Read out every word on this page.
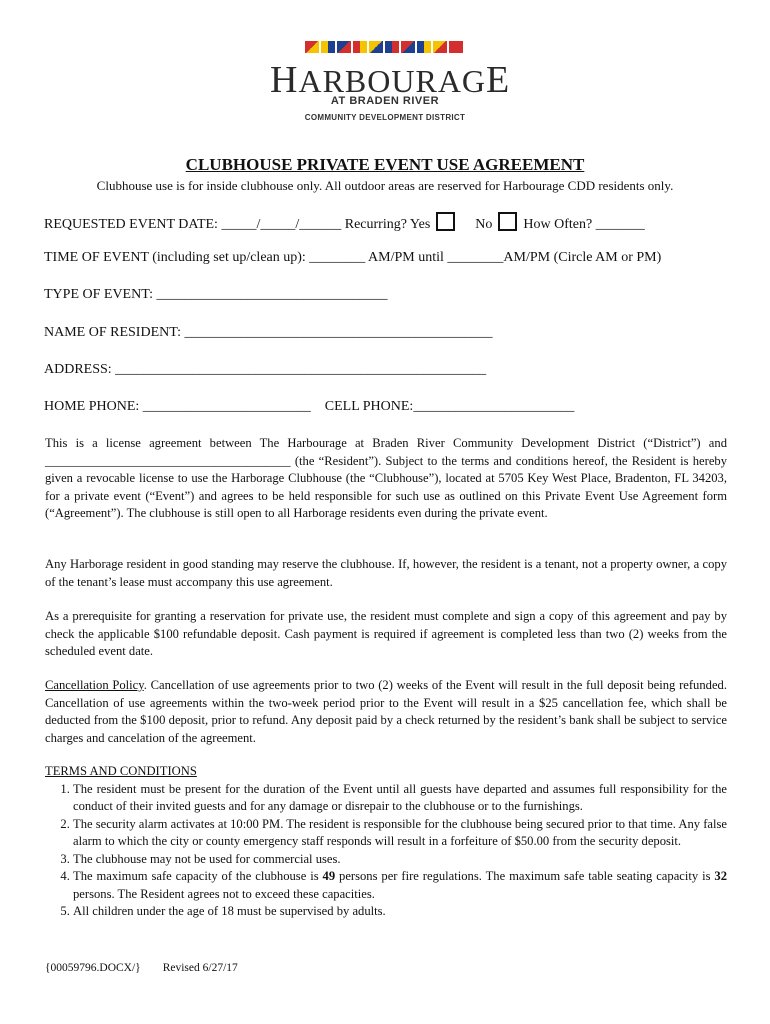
HARBOURAGE
AT BRADEN RIVER
COMMUNITY DEVELOPMENT DISTRICT
CLUBHOUSE PRIVATE EVENT USE AGREEMENT
Clubhouse use is for inside clubhouse only. All outdoor areas are reserved for Harbourage CDD residents only.
REQUESTED EVENT DATE: _____/_____/______ Recurring? Yes	No How Often? _______
TIME OF EVENT (including set up/clean up): ________ AM/PM until ________AM/PM (Circle AM or PM)
TYPE OF EVENT: _________________________________
NAME OF RESIDENT: ____________________________________________
ADDRESS: _____________________________________________________
HOME PHONE: ________________________ CELL PHONE:_______________________
This is a license agreement between The Harbourage at Braden River Community Development District (“District”) and _______________________________________ (the “Resident”). Subject to the terms and conditions hereof, the Resident is hereby given a revocable license to use the Harborage Clubhouse (the “Clubhouse”), located at 5705 Key West Place, Bradenton, FL 34203, for a private event (“Event”) and agrees to be held responsible for such use as outlined on this Private Event Use Agreement form (“Agreement”). The clubhouse is still open to all Harborage residents even during the private event.
Any Harborage resident in good standing may reserve the clubhouse. If, however, the resident is a tenant, not a property owner, a copy of the tenant’s lease must accompany this use agreement.
As a prerequisite for granting a reservation for private use, the resident must complete and sign a copy of this agreement and pay by check the applicable $100 refundable deposit. Cash payment is required if agreement is completed less than two (2) weeks from the scheduled event date.
Cancellation Policy. Cancellation of use agreements prior to two (2) weeks of the Event will result in the full deposit being refunded. Cancellation of use agreements within the two-week period prior to the Event will result in a $25 cancellation fee, which shall be deducted from the $100 deposit, prior to refund. Any deposit paid by a check returned by the resident’s bank shall be subject to service charges and cancelation of the agreement.
TERMS AND CONDITIONS
1. The resident must be present for the duration of the Event until all guests have departed and assumes full responsibility for the conduct of their invited guests and for any damage or disrepair to the clubhouse or to the furnishings.
2. The security alarm activates at 10:00 PM. The resident is responsible for the clubhouse being secured prior to that time. Any false alarm to which the city or county emergency staff responds will result in a forfeiture of $50.00 from the security deposit.
3. The clubhouse may not be used for commercial uses.
4. The maximum safe capacity of the clubhouse is 49 persons per fire regulations. The maximum safe table seating capacity is 32 persons. The Resident agrees not to exceed these capacities.
5. All children under the age of 18 must be supervised by adults.
{00059796.DOCX/} Revised 6/27/17
